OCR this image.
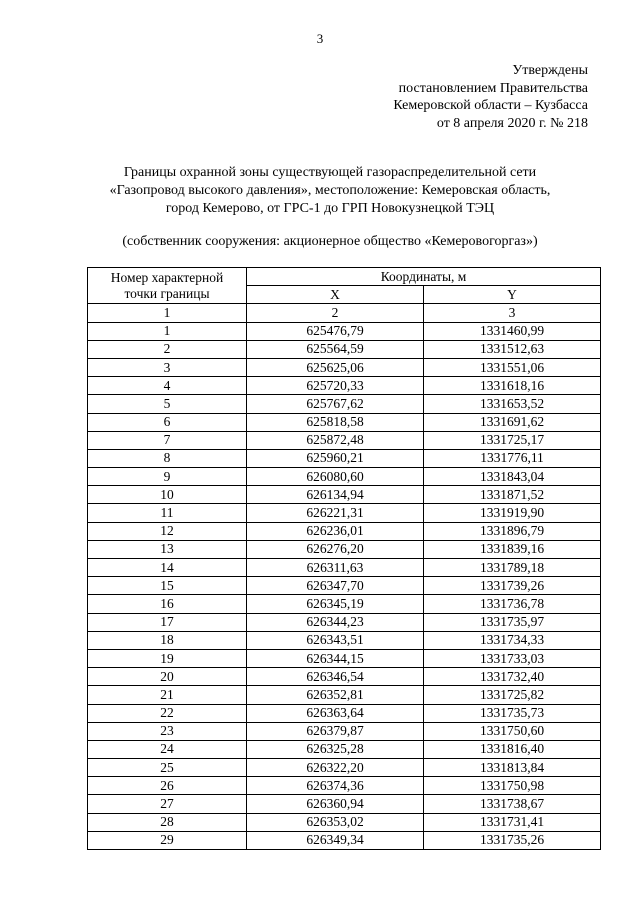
3
Утверждены
постановлением Правительства
Кемеровской области – Кузбасса
от 8 апреля 2020 г. № 218
Границы охранной зоны существующей газораспределительной сети
«Газопровод высокого давления», местоположение: Кемеровская область,
город Кемерово, от ГРС-1 до ГРП Новокузнецкой ТЭЦ
(собственник сооружения: акционерное общество «Кемеровогоргаз»)
Номер характерной
точки границы	Координаты, м	
	X	Y
1	2	3
1	625476,79	1331460,99
2	625564,59	1331512,63
3	625625,06	1331551,06
4	625720,33	1331618,16
5	625767,62	1331653,52
6	625818,58	1331691,62
7	625872,48	1331725,17
8	625960,21	1331776,11
9	626080,60	1331843,04
10	626134,94	1331871,52
11	626221,31	1331919,90
12	626236,01	1331896,79
13	626276,20	1331839,16
14	626311,63	1331789,18
15	626347,70	1331739,26
16	626345,19	1331736,78
17	626344,23	1331735,97
18	626343,51	1331734,33
19	626344,15	1331733,03
20	626346,54	1331732,40
21	626352,81	1331725,82
22	626363,64	1331735,73
23	626379,87	1331750,60
24	626325,28	1331816,40
25	626322,20	1331813,84
26	626374,36	1331750,98
27	626360,94	1331738,67
28	626353,02	1331731,41
29	626349,34	1331735,26
